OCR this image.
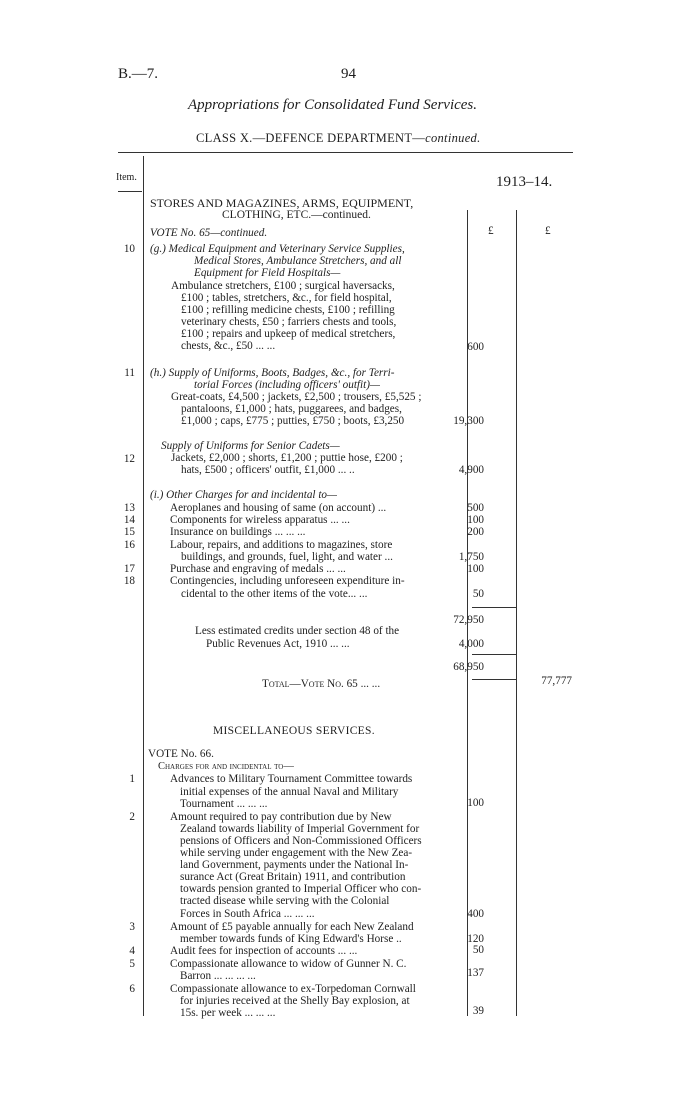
B.—7.	94
Appropriations for Consolidated Fund Services.
CLASS X.—DEFENCE DEPARTMENT—continued.
Item.	1913–14.
STORES AND MAGAZINES, ARMS, EQUIPMENT,
CLOTHING, ETC.—continued.
£	£
VOTE No. 65—continued.
10 (g.) Medical Equipment and Veterinary Service Supplies,
Medical Stores, Ambulance Stretchers, and all
Equipment for Field Hospitals—
Ambulance stretchers, £100 ; surgical haversacks,
£100 ; tables, stretchers, &c., for field hospital,
£100 ; refilling medicine chests, £100 ; refilling
veterinary chests, £50 ; farriers chests and tools,
£100 ; repairs and upkeep of medical stretchers,
chests, &c., £50 ... ...	600
11 (h.) Supply of Uniforms, Boots, Badges, &c., for Terri-
torial Forces (including officers' outfit)—
Great-coats, £4,500 ; jackets, £2,500 ; trousers, £5,525 ;
pantaloons, £1,000 ; hats, puggarees, and badges,
£1,000 ; caps, £775 ; putties, £750 ; boots, £3,250	19,300
Supply of Uniforms for Senior Cadets—
12	Jackets, £2,000 ; shorts, £1,200 ; puttie hose, £200 ;
hats, £500 ; officers' outfit, £1,000 ... ..	4,900
(i.) Other Charges for and incidental to—
13	Aeroplanes and housing of same (on account) ...	500
14	Components for wireless apparatus ... ...	100
15	Insurance on buildings ... ... ...	200
16	Labour, repairs, and additions to magazines, store
buildings, and grounds, fuel, light, and water ...	1,750
17	Purchase and engraving of medals ... ...	100
18	Contingencies, including unforeseen expenditure in-
cidental to the other items of the vote... ...	50
72,950
Less estimated credits under section 48 of the
Public Revenues Act, 1910 ... ...	4,000
68,950
Total—Vote No. 65 ... ...	77,777
MISCELLANEOUS SERVICES.
VOTE No. 66.
Charges for and incidental to—
1	Advances to Military Tournament Committee towards
initial expenses of the annual Naval and Military
Tournament ... ... ...	100
2	Amount required to pay contribution due by New
Zealand towards liability of Imperial Government for
pensions of Officers and Non-Commissioned Officers
while serving under engagement with the New Zea-
land Government, payments under the National In-
surance Act (Great Britain) 1911, and contribution
towards pension granted to Imperial Officer who con-
tracted disease while serving with the Colonial
Forces in South Africa ... ... ...	400
3	Amount of £5 payable annually for each New Zealand
member towards funds of King Edward's Horse ..	120
4	Audit fees for inspection of accounts ... ...	50
5	Compassionate allowance to widow of Gunner N. C.
Barron ... ... ... ...	137
6	Compassionate allowance to ex-Torpedoman Cornwall
for injuries received at the Shelly Bay explosion, at
15s. per week ... ... ...	39
